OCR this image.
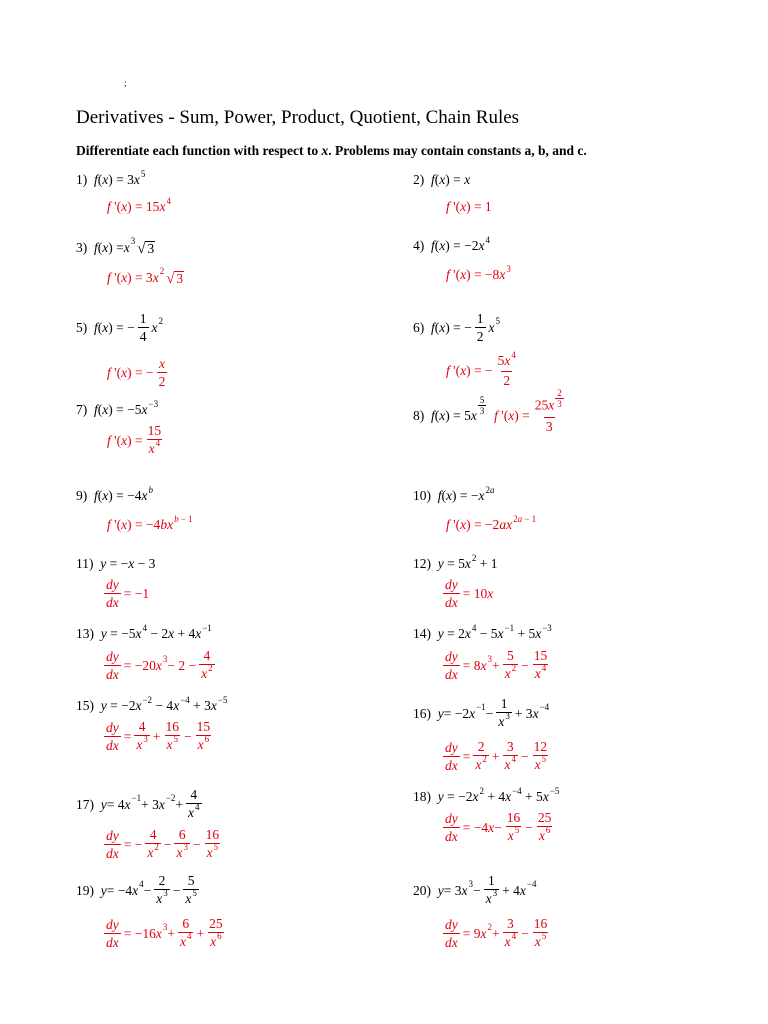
;
Derivatives - Sum, Power, Product, Quotient, Chain Rules
Differentiate each function with respect to x. Problems may contain constants a, b, and c.
1) $f(x) = 3x^5$
f '$(x) = 15x^4$
2) f(x) = x
f '(x) = 1
3)
f ( x ) = $x^3$ √ 3
f '( x ) = 3 $x^2$ √ 3
4) $f(x) = -2x^4$
f '$(x) = -8x^3$
5)
f ( x ) = − $\frac{1}{4} x^2$
f '( x ) = − $\frac{x}{2}$
6)
f ( x ) = − $\frac{1}{2} x^5$
f '( x ) = − $\frac{5x^4}{2}$
7) $f(x) = -5x^{-3}$
f '( x ) = $\frac{15}{x^4}$
8)
f ( x ) = 5 x $\frac{5}{3}$
f '( x ) = $\frac{25x \frac{2}{3}}{3}$
9) $f(x) = -4x^b$
f '$(x) = -4bx^{b - 1}$
10) $f(x) = -x^{2a}$
f '$(x) = -2ax^{2a - 1}$
11) y = −x − 3
$\frac{dy}{dx} = -1$
12) $y = 5x^2 + 1$
$\frac{dy}{dx} = 10$ x
13) $y = -5x^4 - 2x + 4x^{-1}$
$\frac{dy}{dx} = -20$ $x^3 - 2 - \frac{4}{x^2}$
14) $y = 2x^4 - 5x^{-1} + 5x^{-3}$
$\frac{dy}{dx} = 8$ $x^3 + \frac{5}{x^2} - \frac{15}{x^4}$
15) $y = -2x^{-2} - 4x^{-4} + 3x^{-5}$
$\frac{dy}{dx} = \frac{4}{x^3} + \frac{16}{x^5} - \frac{15}{x^6}$
16)
y = −2 $x^{-1} - \frac{1}{x^3} + 3$ $x^{-4}$
$\frac{dy}{dx} = \frac{2}{x^2} + \frac{3}{x^4} - \frac{12}{x^5}$
17)
y = 4 $x^{-1} + 3$ $x^{-2} + \frac{4}{x^4}$
$\frac{dy}{dx}$ = − $\frac{4}{x^2} - \frac{6}{x^3} - \frac{16}{x^5}$
18) $y = -2x^2 + 4x^{-4} + 5x^{-5}$
$\frac{dy}{dx} = -4$ $x - \frac{16}{x^5} - \frac{25}{x^6}$
19)
y = −4 $x^4 - \frac{2}{x^3} - \frac{5}{x^5}$
$\frac{dy}{dx} = -16$ $x^3 + \frac{6}{x^4} + \frac{25}{x^6}$
20)
y = 3 $x^3 - \frac{1}{x^3} + 4$ $x^{-4}$
$\frac{dy}{dx} = 9$ $x^2 + \frac{3}{x^4} - \frac{16}{x^5}$
